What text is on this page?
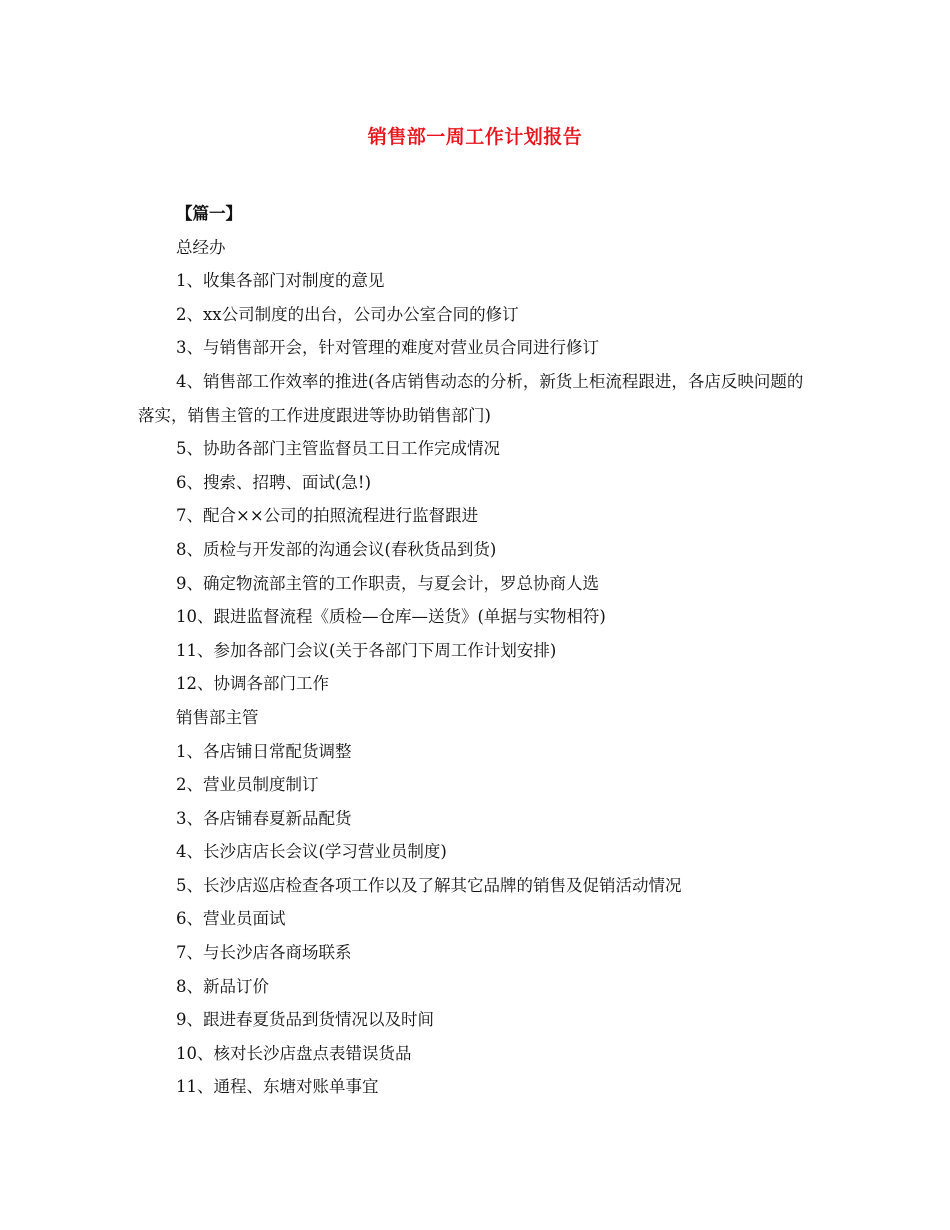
销售部一周工作计划报告

【篇一】

总经办

1、收集各部门对制度的意见

2、xx公司制度的出台，公司办公室合同的修订

3、与销售部开会，针对管理的难度对营业员合同进行修订

4、销售部工作效率的推进(各店销售动态的分析，新货上柜流程跟进，各店反映问题的落实，销售主管的工作进度跟进等协助销售部门)

5、协助各部门主管监督员工日工作完成情况

6、搜索、招聘、面试(急!)

7、配合××公司的拍照流程进行监督跟进

8、质检与开发部的沟通会议(春秋货品到货)

9、确定物流部主管的工作职责，与夏会计，罗总协商人选

10、跟进监督流程《质检—仓库—送货》(单据与实物相符)

11、参加各部门会议(关于各部门下周工作计划安排)

12、协调各部门工作

销售部主管

1、各店铺日常配货调整

2、营业员制度制订

3、各店铺春夏新品配货

4、长沙店店长会议(学习营业员制度)

5、长沙店巡店检查各项工作以及了解其它品牌的销售及促销活动情况

6、营业员面试

7、与长沙店各商场联系

8、新品订价

9、跟进春夏货品到货情况以及时间

10、核对长沙店盘点表错误货品

11、通程、东塘对账单事宜
